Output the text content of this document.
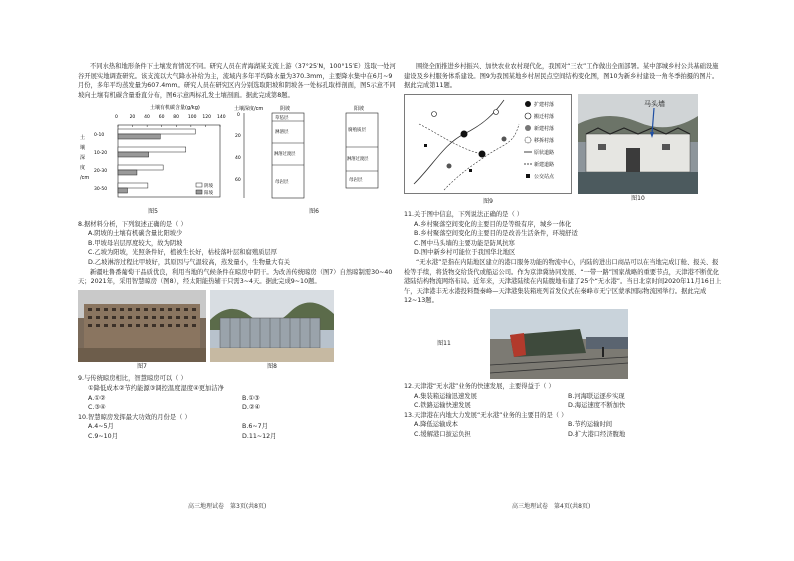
不同水热和地形条件下土壤发育情况不同。研究人员在青海湖某支流上游（37°25′N，100°15′E）选取一处河谷开展实地调查研究。该支流以大气降水补给为主，流域内多年平均降水量为370.3mm，主要降水集中在6月~9月份，多年平均蒸发量为607.4mm。研究人员在研究区内分别选取阳坡和阴坡各一处标孔取样剖面，图5示意不同坡向土壤有机碳含量垂直分布，图6示意两标孔发土壤剖面。据此完成第8题。

土壤有机碳含量(g/kg)
0	20 40 60 80 100 120 140
土
壤
深
度
/cm
0-10
10-20
20-30
30-50
阴坡
阳坡
图5
土壤深度/cm	阴坡	阳坡
0
20
40
60
草毡层
淋溶层
淋溶过渡层
母岩层
腐殖质层
淋溶过渡层
母岩层
图6
8.据材料分析，下列叙述正确的是（ ）
A.阴坡的土壤有机碳含量比阳坡少
B.甲坡母岩层厚度较大，故为阴坡
C.乙坡为阳坡，光照条件好，植被生长好，枯枝落叶层和腐殖质层厚
D.乙坡淋溶过程比甲坡好，其原因与气温较高，蒸发量小，生物量大有关

新疆吐鲁番葡萄干品质优良，利用当地的气候条件在晾房中阴干。为改善传统晾房（图7）自然晾制需30~40天；2021年，采用智慧晾房（图8），经太阳能热辅干只需3~4天。据此完成9~10题。

图7	图8
9.与传统晾房相比，智慧晾房可以（ ）
①降低成本②节约能源③调控温度湿度④更加洁净
A.①②	B.①③
C.③④	D.②④
10.智慧晾房发挥最大功效的月份是（ ）
A.4~5月	B.6~7月
C.9~10月	D.11~12月
高三地理试卷　第3页(共8页)

围绕全面推进乡村振兴、加快农业农村现代化，我国对“三农”工作做出全面部署。某中部城乡村公共基础设施建设及乡村服务体系建设。图9为我国某地乡村居民点空间结构变化图，图10为新乡村建设一角冬季拍摄的图片。据此完成第11题。

扩建村落
搬迁村落
新建村落
移拆村落
原状道路
新建道路
公交站点
图9
马头墙
图10
11.关于图中信息，下列说法正确的是（ ）
A.乡村聚落空间变化的主要目的是等级有序，城乡一体化
B.乡村聚落空间变化的主要目的是改善生活条件，环境舒适
C.图中马头墙的主要功能是防风抗寒
D.图中新乡村可能位于我国华北地区

“无水港”是指在内陆地区建立的港口服务功能的物流中心，内陆的进出口商品可以在当地完成订舱、报关、报检等手续，将货物交给货代或船运公司。作为京津冀协同发展、“一带一路”国家战略的重要节点，天津港不断优化港陆结构物流网络布局。近年来，天津港陆续在内陆腹地布建了25个“无水港”。当日北京时间2020年11月16日上午，天津港丰无水港投料暨秦峰—天津港集装箱班列首发仪式在秦峰市无宁区蒙承国际物流园举行。据此完成12~13题。

图11
12.天津港“无水港”业务的快速发展，主要得益于（ ）
A.集装箱运输迅速发展	B.河海联运逐步实现
C.铁路运输快速发展	D.海运速度不断加快
13.天津港在内地大力发展“无水港”业务的主要目的是（ ）
A.降低运输成本	B.节约运输时间
C.缓解港口拔运负担	D.扩大港口经济腹地
高三地理试卷　第4页(共8页)
